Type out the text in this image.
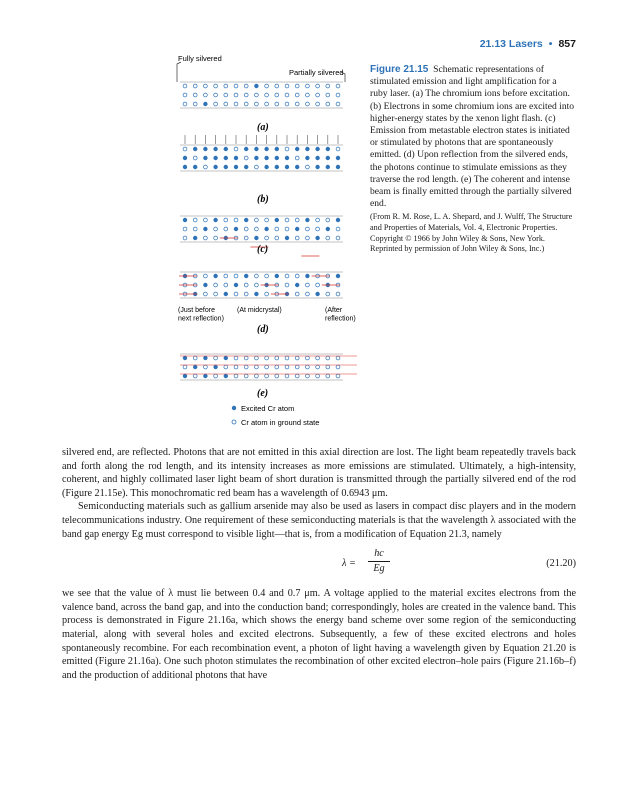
21.13 Lasers • 857
Fully silvered
Partially silvered
(a)
(b)
(c)
(Just before next reflection)
(At midcrystal)	(After reflection)
(d)
(e)
Excited Cr atom
Cr atom in ground state
Figure 21.15 Schematic representations of stimulated emission and light amplification for a ruby laser. (a) The chromium ions before excitation. (b) Electrons in some chromium ions are excited into higher-energy states by the xenon light flash. (c) Emission from metastable electron states is initiated or stimulated by photons that are spontaneously emitted. (d) Upon reflection from the silvered ends, the photons continue to stimulate emissions as they traverse the rod length. (e) The coherent and intense beam is finally emitted through the partially silvered end.
(From R. M. Rose, L. A. Shepard, and J. Wulff, The Structure and Properties of Materials, Vol. 4, Electronic Properties. Copyright © 1966 by John Wiley & Sons, New York. Reprinted by permission of John Wiley & Sons, Inc.)

silvered end, are reflected. Photons that are not emitted in this axial direction are lost. The light beam repeatedly travels back and forth along the rod length, and its intensity increases as more emissions are stimulated. Ultimately, a high-intensity, coherent, and highly collimated laser light beam of short duration is transmitted through the partially silvered end of the rod (Figure 21.15e). This monochromatic red beam has a wavelength of 0.6943 μm.

Semiconducting materials such as gallium arsenide may also be used as lasers in compact disc players and in the modern telecommunications industry. One requirement of these semiconducting materials is that the wavelength λ associated with the band gap energy Eg must correspond to visible light—that is, from a modification of Equation 21.3, namely

$\lambda = \frac{hc}{Eg}$	(21.20)

we see that the value of λ must lie between 0.4 and 0.7 μm. A voltage applied to the material excites electrons from the valence band, across the band gap, and into the conduction band; correspondingly, holes are created in the valence band. This process is demonstrated in Figure 21.16a, which shows the energy band scheme over some region of the semiconducting material, along with several holes and excited electrons. Subsequently, a few of these excited electrons and holes spontaneously recombine. For each recombination event, a photon of light having a wavelength given by Equation 21.20 is emitted (Figure 21.16a). One such photon stimulates the recombination of other excited electron–hole pairs (Figure 21.16b–f) and the production of additional photons that have
